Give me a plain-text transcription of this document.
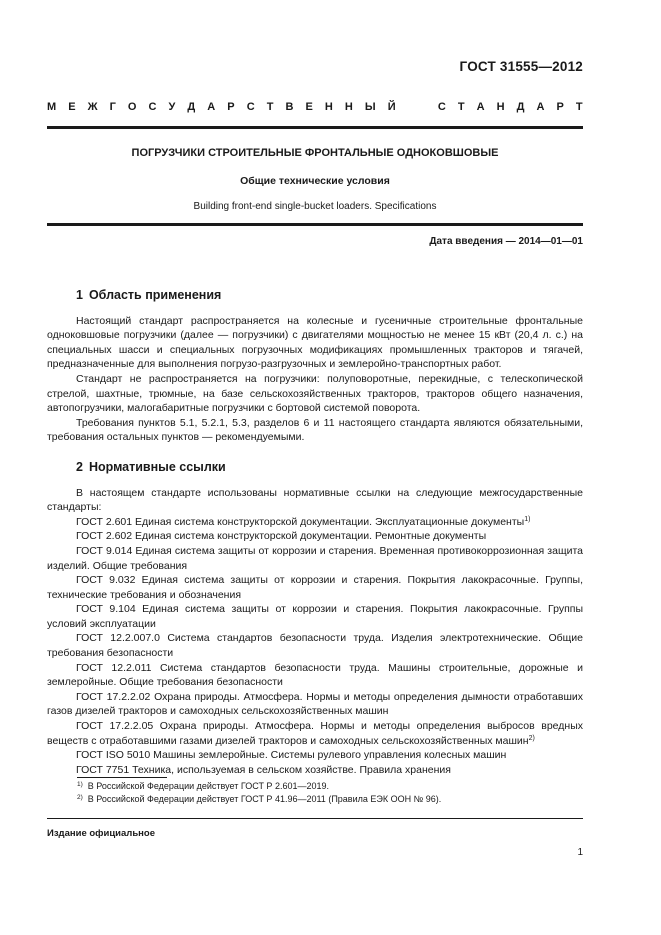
ГОСТ 31555—2012
М Е Ж Г О С У Д А Р С Т В Е Н Н Ы Й

	С Т А Н Д А Р Т
ПОГРУЗЧИКИ СТРОИТЕЛЬНЫЕ ФРОНТАЛЬНЫЕ ОДНОКОВШОВЫЕ
Общие технические условия
Building front-end single-bucket loaders. Specifications
Дата введения — 2014—01—01
1 Область применения

Настоящий стандарт распространяется на колесные и гусеничные строительные фронтальные одноковшовые погрузчики (далее — погрузчики) с двигателями мощностью не менее 15 кВт (20,4 л. с.) на специальных шасси и специальных погрузочных модификациях промышленных тракторов и тягачей, предназначенные для выполнения погрузо-разгрузочных и землеройно-транспортных работ.

Стандарт не распространяется на погрузчики: полуповоротные, перекидные, с телескопической стрелой, шахтные, трюмные, на базе сельскохозяйственных тракторов, тракторов общего назначения, автопогрузчики, малогабаритные погрузчики с бортовой системой поворота.

Требования пунктов 5.1, 5.2.1, 5.3, разделов 6 и 11 настоящего стандарта являются обязательными, требования остальных пунктов — рекомендуемыми.

2 Нормативные ссылки

В настоящем стандарте использованы нормативные ссылки на следующие межгосударственные стандарты:

ГОСТ 2.601 Единая система конструкторской документации. Эксплуатационные документы$^{1)}$

ГОСТ 2.602 Единая система конструкторской документации. Ремонтные документы

ГОСТ 9.014 Единая система защиты от коррозии и старения. Временная противокоррозионная защита изделий. Общие требования

ГОСТ 9.032 Единая система защиты от коррозии и старения. Покрытия лакокрасочные. Группы, технические требования и обозначения

ГОСТ 9.104 Единая система защиты от коррозии и старения. Покрытия лакокрасочные. Группы условий эксплуатации

ГОСТ 12.2.007.0 Система стандартов безопасности труда. Изделия электротехнические. Общие требования безопасности

ГОСТ 12.2.011 Система стандартов безопасности труда. Машины строительные, дорожные и землеройные. Общие требования безопасности

ГОСТ 17.2.2.02 Охрана природы. Атмосфера. Нормы и методы определения дымности отработавших газов дизелей тракторов и самоходных сельскохозяйственных машин

ГОСТ 17.2.2.05 Охрана природы. Атмосфера. Нормы и методы определения выбросов вредных веществ с отработавшими газами дизелей тракторов и самоходных сельскохозяйственных машин$^{2)}$

ГОСТ ISO 5010 Машины землеройные. Системы рулевого управления колесных машин

ГОСТ 7751 Техника, используемая в сельском хозяйстве. Правила хранения

$^{1)}$ В Российской Федерации действует ГОСТ Р 2.601—2019.
$^{2)}$ В Российской Федерации действует ГОСТ Р 41.96—2011 (Правила ЕЭК ООН № 96).
Издание официальное
1
